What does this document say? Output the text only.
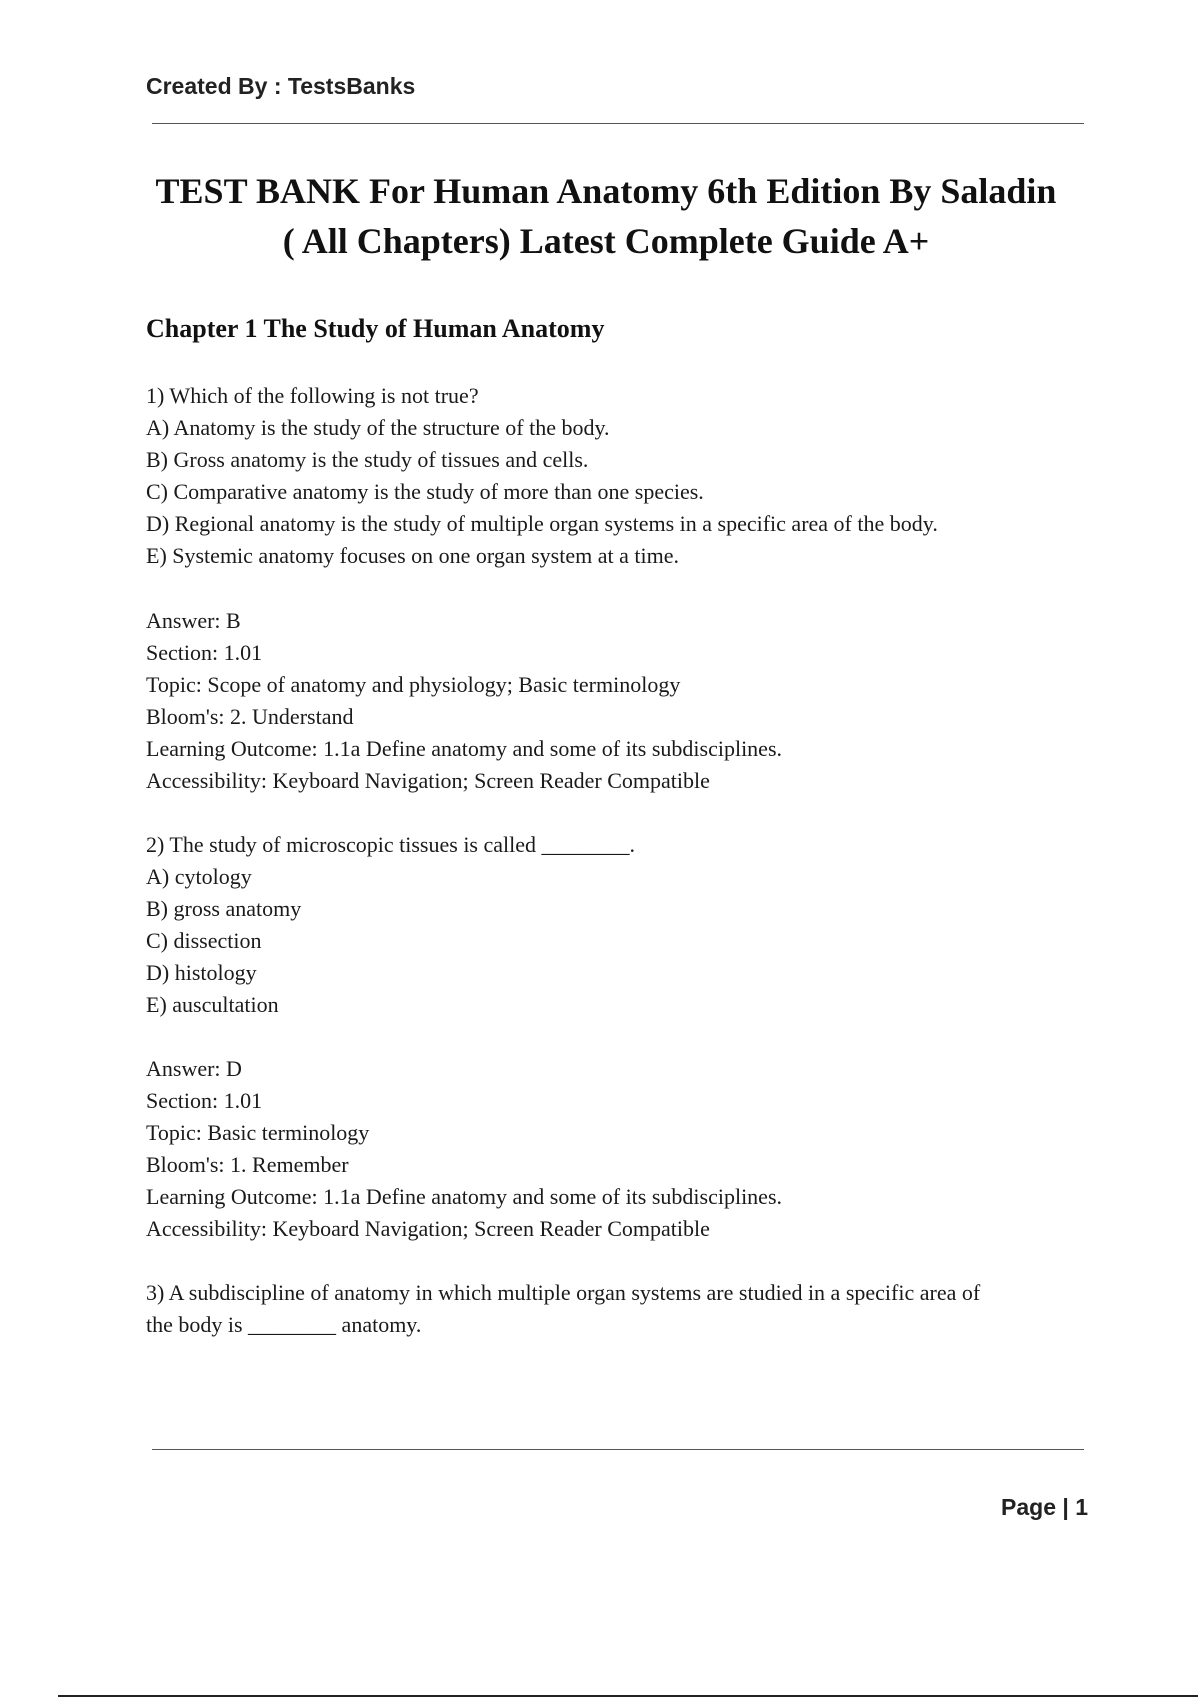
Created By : TestsBanks
TEST BANK For Human Anatomy 6th Edition By Saladin
( All Chapters) Latest Complete Guide A+
Chapter 1 The Study of Human Anatomy
1) Which of the following is not true?
A) Anatomy is the study of the structure of the body.
B) Gross anatomy is the study of tissues and cells.
C) Comparative anatomy is the study of more than one species.
D) Regional anatomy is the study of multiple organ systems in a specific area of the body.
E) Systemic anatomy focuses on one organ system at a time.
Answer: B
Section: 1.01
Topic: Scope of anatomy and physiology; Basic terminology
Bloom's: 2. Understand
Learning Outcome: 1.1a Define anatomy and some of its subdisciplines.
Accessibility: Keyboard Navigation; Screen Reader Compatible
2) The study of microscopic tissues is called ________.
A) cytology
B) gross anatomy
C) dissection
D) histology
E) auscultation
Answer: D
Section: 1.01
Topic: Basic terminology
Bloom's: 1. Remember
Learning Outcome: 1.1a Define anatomy and some of its subdisciplines.
Accessibility: Keyboard Navigation; Screen Reader Compatible
3) A subdiscipline of anatomy in which multiple organ systems are studied in a specific area of
the body is ________ anatomy.
Page | 1
